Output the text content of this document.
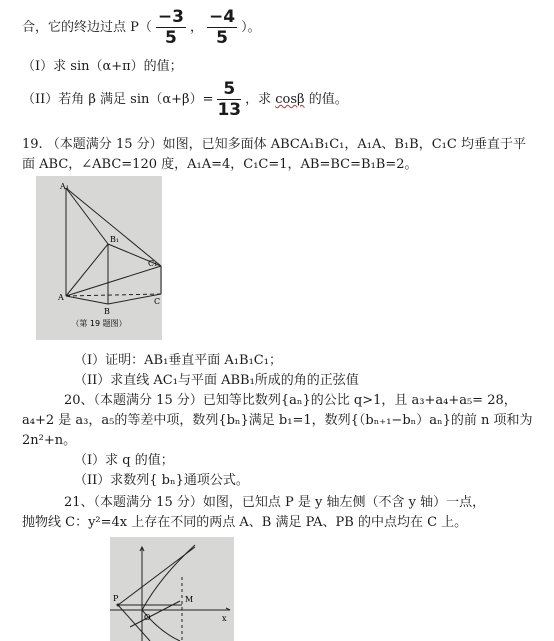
合，它的终边过点 $P( \frac{-3}{5}$ ， $\frac{-4}{5}$ ）。
（I）求 sin（α+π）的值；
（II）若角 β 满足 $\sin(\alpha+\beta)= \frac{5}{13}$ ，求 cosβ 的值。
19. （本题满分 15 分）如图，已知多面体 ABCA₁B₁C₁，A₁A、B₁B，C₁C 均垂直于平
面 ABC，∠ABC=120 度，A₁A=4，C₁C=1，AB=BC=B₁B=2。
A₁
B₁
C₁
A
B
C
（第 19 题图）
（I）证明：AB₁垂直平面 A₁B₁C₁；
（II）求直线 AC₁与平面 ABB₁所成的角的正弦值
20、（本题满分 15 分）已知等比数列{aₙ}的公比 q>1，且 a₃+a₄+a₅= 28，
a₄+2 是 a₃，a₅的等差中项，数列{bₙ}满足 b₁=1，数列{（bₙ₊₁−bₙ）aₙ}的前 n 项和为
2n²+n。
（I）求 q 的值；
（II）求数列{ bₙ}通项公式。
21、（本题满分 15 分）如图，已知点 P 是 y 轴左侧（不含 y 轴）一点，
抛物线 C：y²=4x 上存在不同的两点 A、B 满足 PA、PB 的中点均在 C 上。
P	M
O	x
